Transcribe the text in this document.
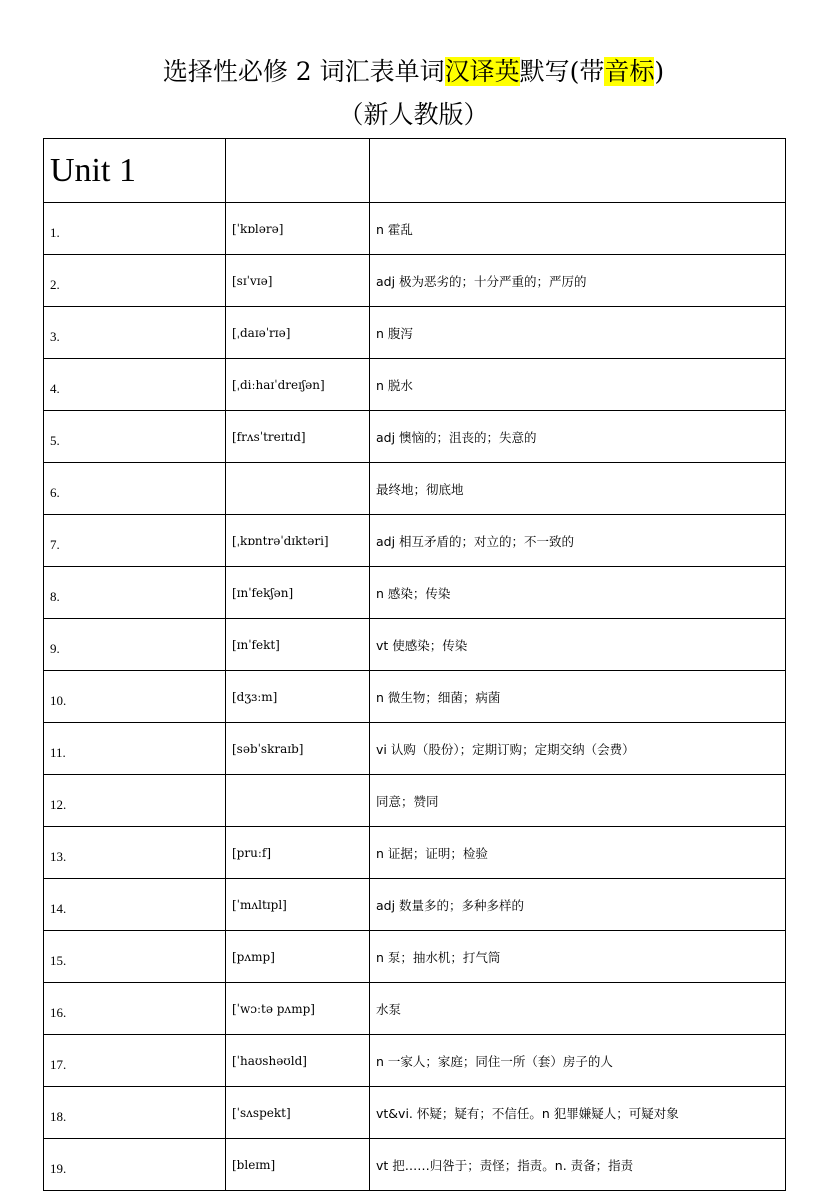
选择性必修 2 词汇表单词汉译英默写(带音标)
（新人教版）
Unit 1		
1.	[ˈkɒlərə]	n 霍乱
2.	[sɪˈvɪə]	adj 极为恶劣的；十分严重的；严厉的
3.	[ˌdaɪəˈrɪə]	n 腹泻
4.	[ˌdiːhaɪˈdreɪʃən]	n 脱水
5.	[frʌsˈtreɪtɪd]	adj 懊恼的；沮丧的；失意的
6.		最终地；彻底地
7.	[ˌkɒntrəˈdɪktəri]	adj 相互矛盾的；对立的；不一致的
8.	[ɪnˈfekʃən]	n 感染；传染
9.	[ɪnˈfekt]	vt 使感染；传染
10.	[dʒɜːm]	n 微生物；细菌；病菌
11.	[səbˈskraɪb]	vi 认购（股份）；定期订购；定期交纳（会费）
12.		同意；赞同
13.	[pruːf]	n 证据；证明；检验
14.	[ˈmʌltɪpl]	adj 数量多的；多种多样的
15.	[pʌmp]	n 泵；抽水机；打气筒
16.	[ˈwɔːtə pʌmp]	水泵
17.	[ˈhaʊshəʊld]	n 一家人；家庭；同住一所（套）房子的人
18.	[ˈsʌspekt]	vt&vi. 怀疑；疑有；不信任。n 犯罪嫌疑人；可疑对象
19.	[bleɪm]	vt 把……归咎于；责怪；指责。n. 责备；指责
